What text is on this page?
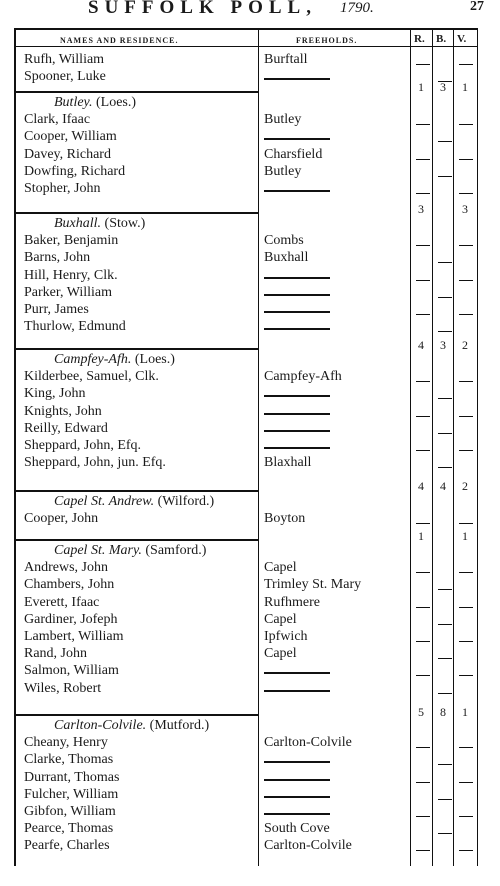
SUFFOLK POLL, 1790.	27
NAMES AND RESIDENCE.	FREEHOLDS.	R. B. V.
Rufh, William	Burftall
Spooner, Luke
1 3 1
Butley. (Loes.)
Clark, Ifaac	Butley
Cooper, William
Davey, Richard	Charsfield
Dowfing, Richard	Butley
Stopher, John
3	3
Buxhall. (Stow.)
Baker, Benjamin	Combs
Barns, John	Buxhall
Hill, Henry, Clk.
Parker, William
Purr, James
Thurlow, Edmund
4 3 2
Campfey-Afh. (Loes.)
Kilderbee, Samuel, Clk.	Campfey-Afh
King, John
Knights, John
Reilly, Edward
Sheppard, John, Efq.
Sheppard, John, jun. Efq.	Blaxhall
4 4 2
Capel St. Andrew. (Wilford.)
Cooper, John	Boyton
1	1
Capel St. Mary. (Samford.)
Andrews, John	Capel
Chambers, John	Trimley St. Mary
Everett, Ifaac	Rufhmere
Gardiner, Jofeph	Capel
Lambert, William	Ipfwich
Rand, John	Capel
Salmon, William
Wiles, Robert
5 8 1
Carlton-Colvile. (Mutford.)
Cheany, Henry	Carlton-Colvile
Clarke, Thomas
Durrant, Thomas
Fulcher, William
Gibfon, William
Pearce, Thomas	South Cove
Pearfe, Charles	Carlton-Colvile
